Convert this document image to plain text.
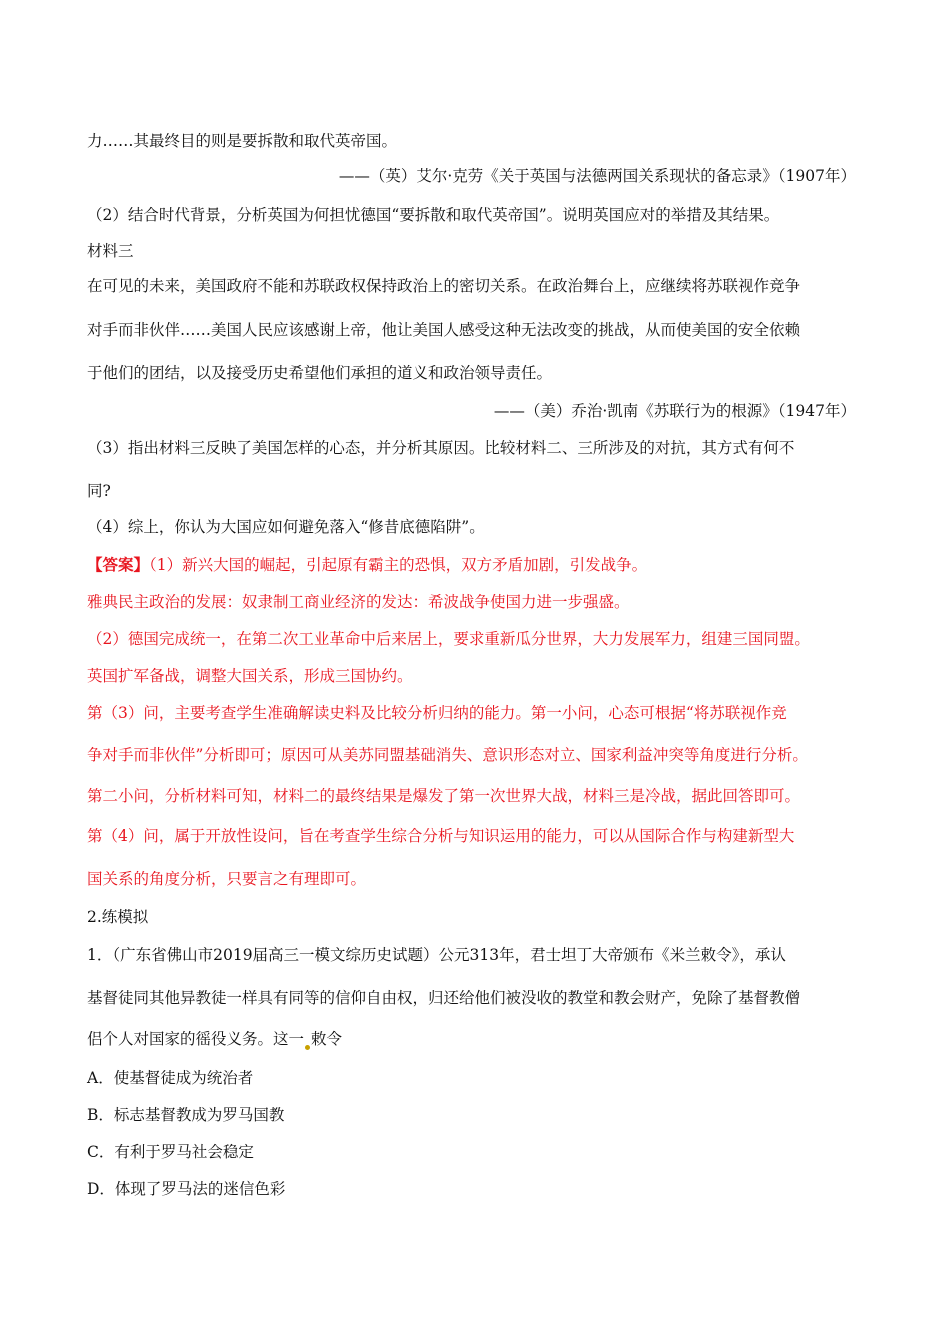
力……其最终目的则是要拆散和取代英帝国。
——（英）艾尔·克劳《关于英国与法德两国关系现状的备忘录》（1907年）
（2）结合时代背景，分析英国为何担忧德国“要拆散和取代英帝国”。说明英国应对的举措及其结果。
材料三
在可见的未来，美国政府不能和苏联政权保持政治上的密切关系。在政治舞台上，应继续将苏联视作竞争
对手而非伙伴……美国人民应该感谢上帝，他让美国人感受这种无法改变的挑战，从而使美国的安全依赖
于他们的团结，以及接受历史希望他们承担的道义和政治领导责任。
——（美）乔治·凯南《苏联行为的根源》（1947年）
（3）指出材料三反映了美国怎样的心态，并分析其原因。比较材料二、三所涉及的对抗，其方式有何不
同?
（4）综上，你认为大国应如何避免落入“修昔底德陷阱”。
【答案】（1）新兴大国的崛起，引起原有霸主的恐惧，双方矛盾加剧，引发战争。
雅典民主政治的发展：奴隶制工商业经济的发达：希波战争使国力进一步强盛。
（2）德国完成统一，在第二次工业革命中后来居上，要求重新瓜分世界，大力发展军力，组建三国同盟。
英国扩军备战，调整大国关系，形成三国协约。
第（3）问，主要考查学生准确解读史料及比较分析归纳的能力。第一小问，心态可根据“将苏联视作竞
争对手而非伙伴”分析即可；原因可从美苏同盟基础消失、意识形态对立、国家利益冲突等角度进行分析。
第二小问，分析材料可知，材料二的最终结果是爆发了第一次世界大战，材料三是冷战，据此回答即可。
第（4）问，属于开放性设问，旨在考查学生综合分析与知识运用的能力，可以从国际合作与构建新型大
国关系的角度分析，只要言之有理即可。
2.练模拟
1．（广东省佛山市2019届高三一模文综历史试题）公元313年，君士坦丁大帝颁布《米兰敕令》，承认
基督徒同其他异教徒一样具有同等的信仰自由权，归还给他们被没收的教堂和教会财产，免除了基督教僧
侣个人对国家的徭役义务。这一 敕令
A．使基督徒成为统治者
B．标志基督教成为罗马国教
C．有利于罗马社会稳定
D．体现了罗马法的迷信色彩
